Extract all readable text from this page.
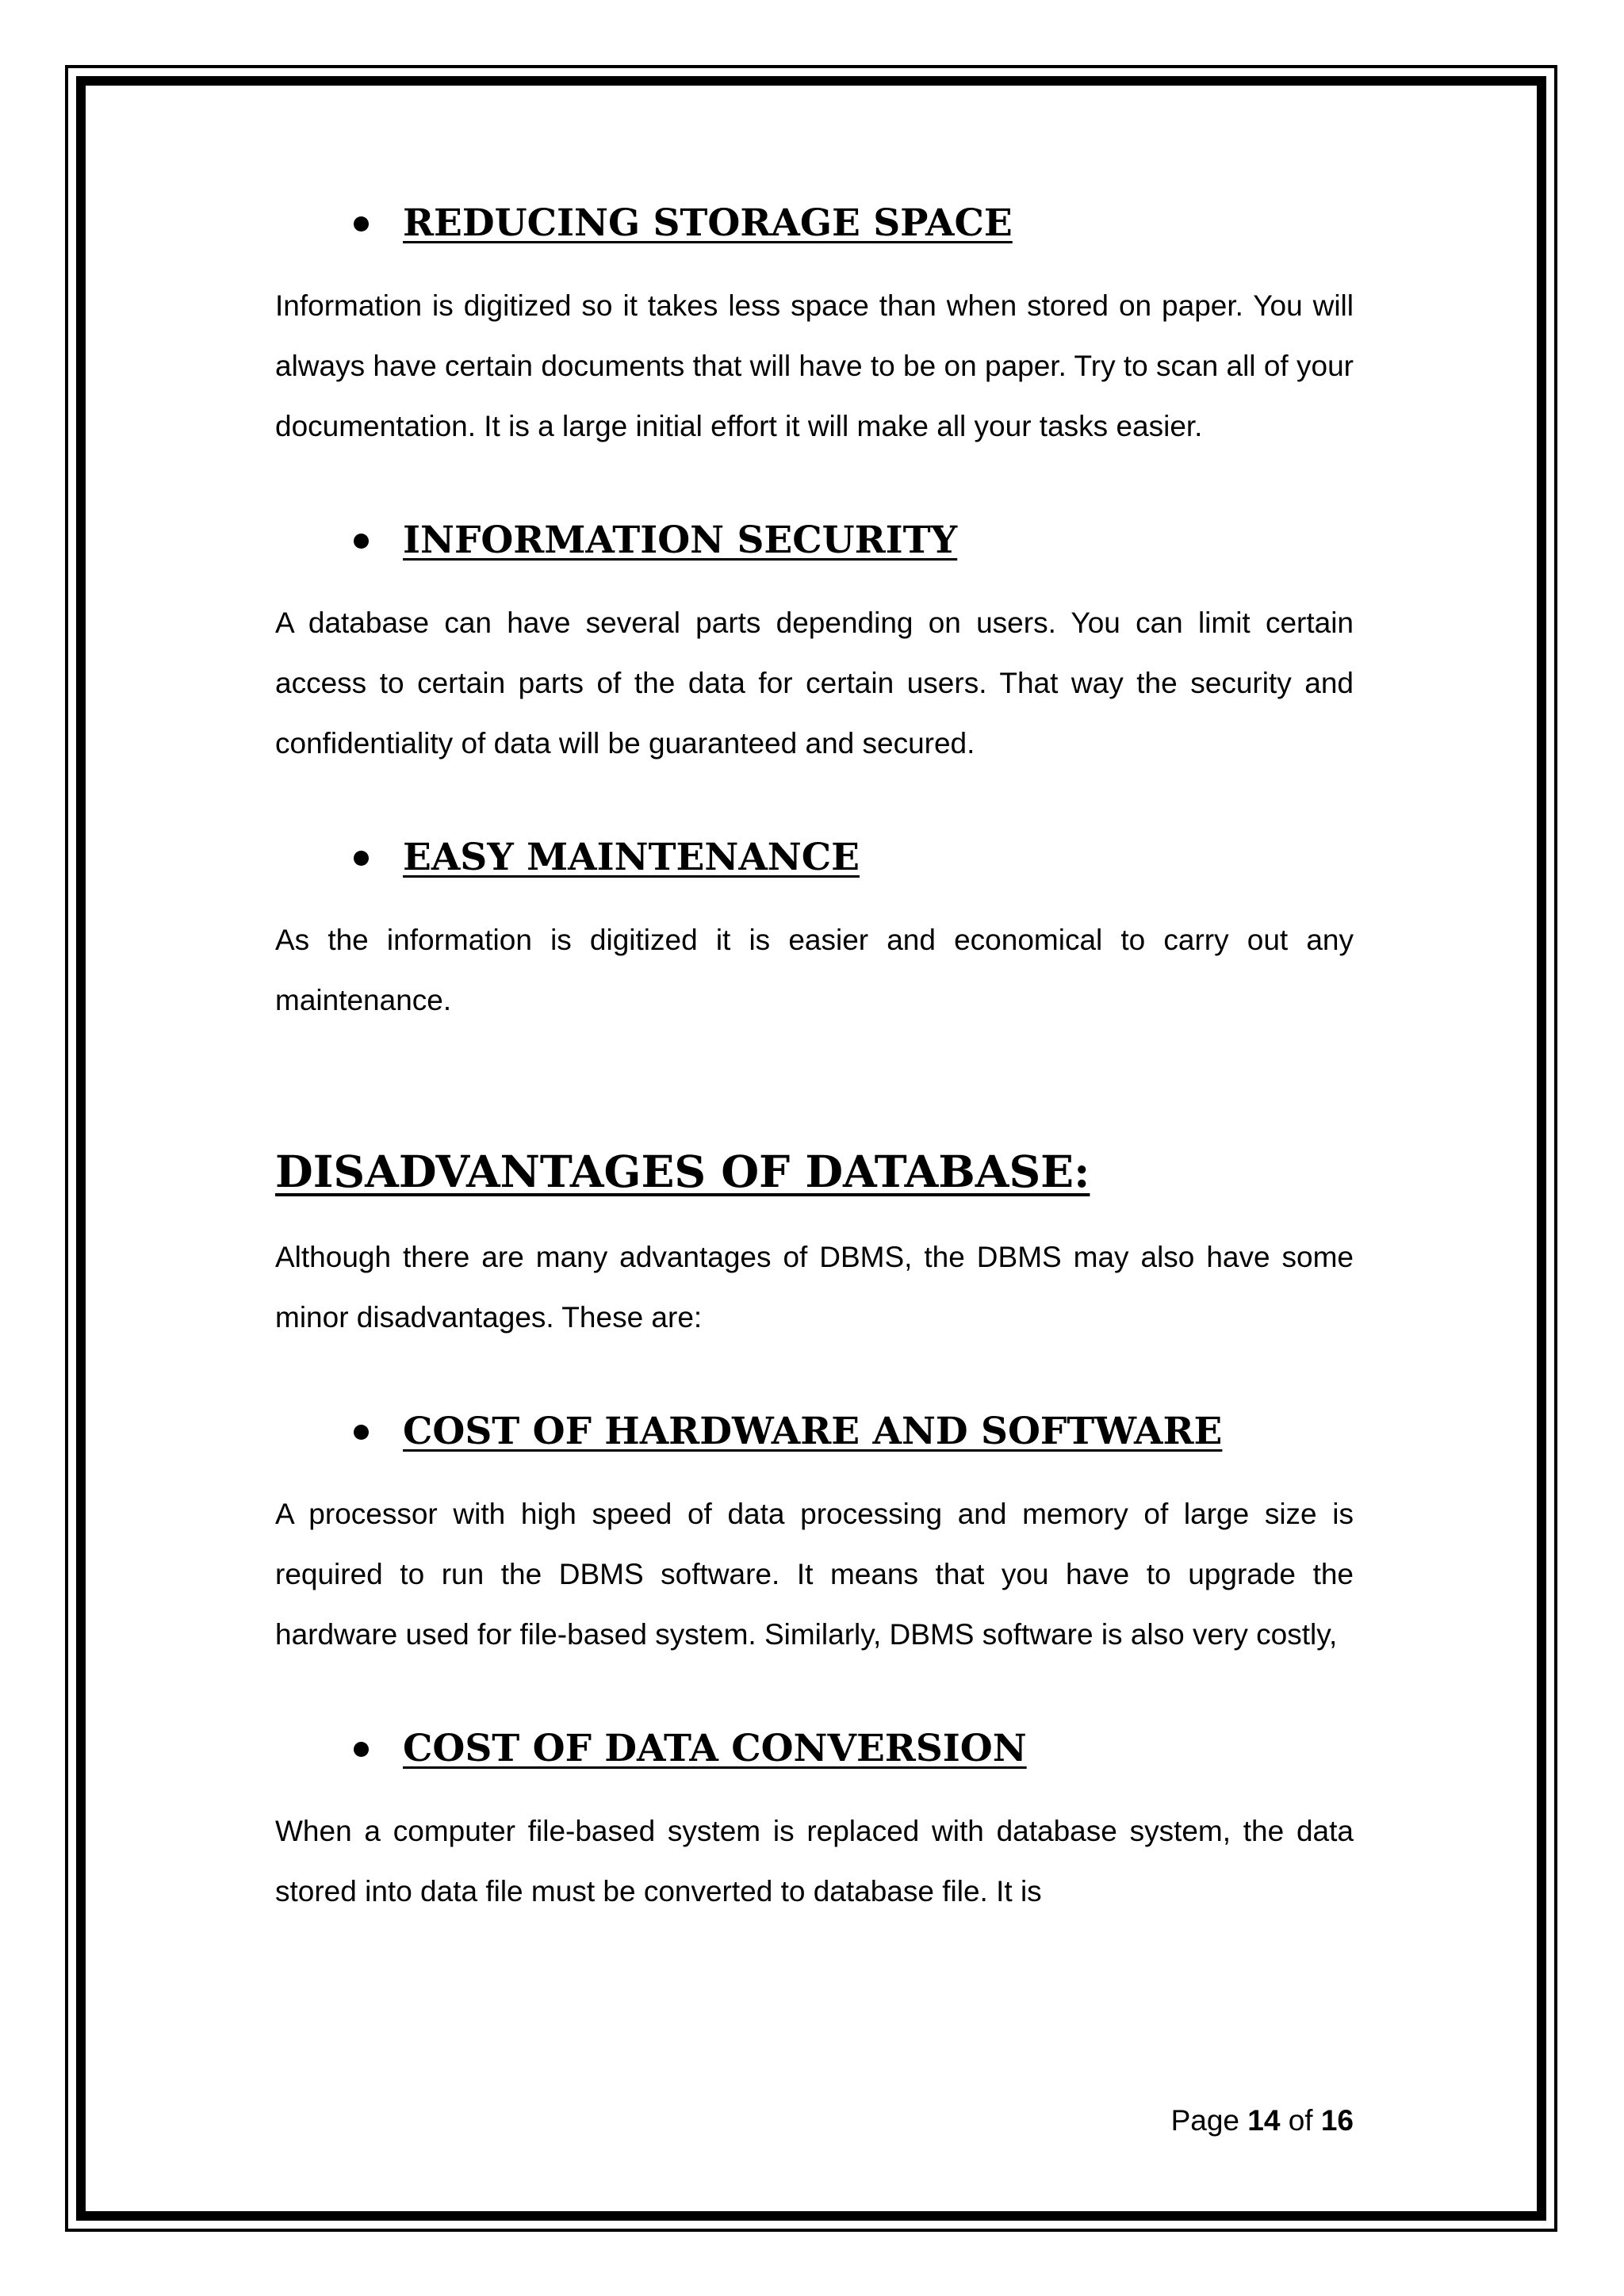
REDUCING STORAGE SPACE

Information is digitized so it takes less space than when stored on paper. You will always have certain documents that will have to be on paper. Try to scan all of your documentation. It is a large initial effort it will make all your tasks easier.

INFORMATION SECURITY

A database can have several parts depending on users. You can limit certain access to certain parts of the data for certain users. That way the security and confidentiality of data will be guaranteed and secured.

EASY MAINTENANCE

As the information is digitized it is easier and economical to carry out any maintenance.

DISADVANTAGES OF DATABASE:

Although there are many advantages of DBMS, the DBMS may also have some minor disadvantages. These are:

COST OF HARDWARE AND SOFTWARE

A processor with high speed of data processing and memory of large size is required to run the DBMS software. It means that you have to upgrade the hardware used for file-based system. Similarly, DBMS software is also very costly,

COST OF DATA CONVERSION

When a computer file-based system is replaced with database system, the data stored into data file must be converted to database file. It is

Page 14 of 16
